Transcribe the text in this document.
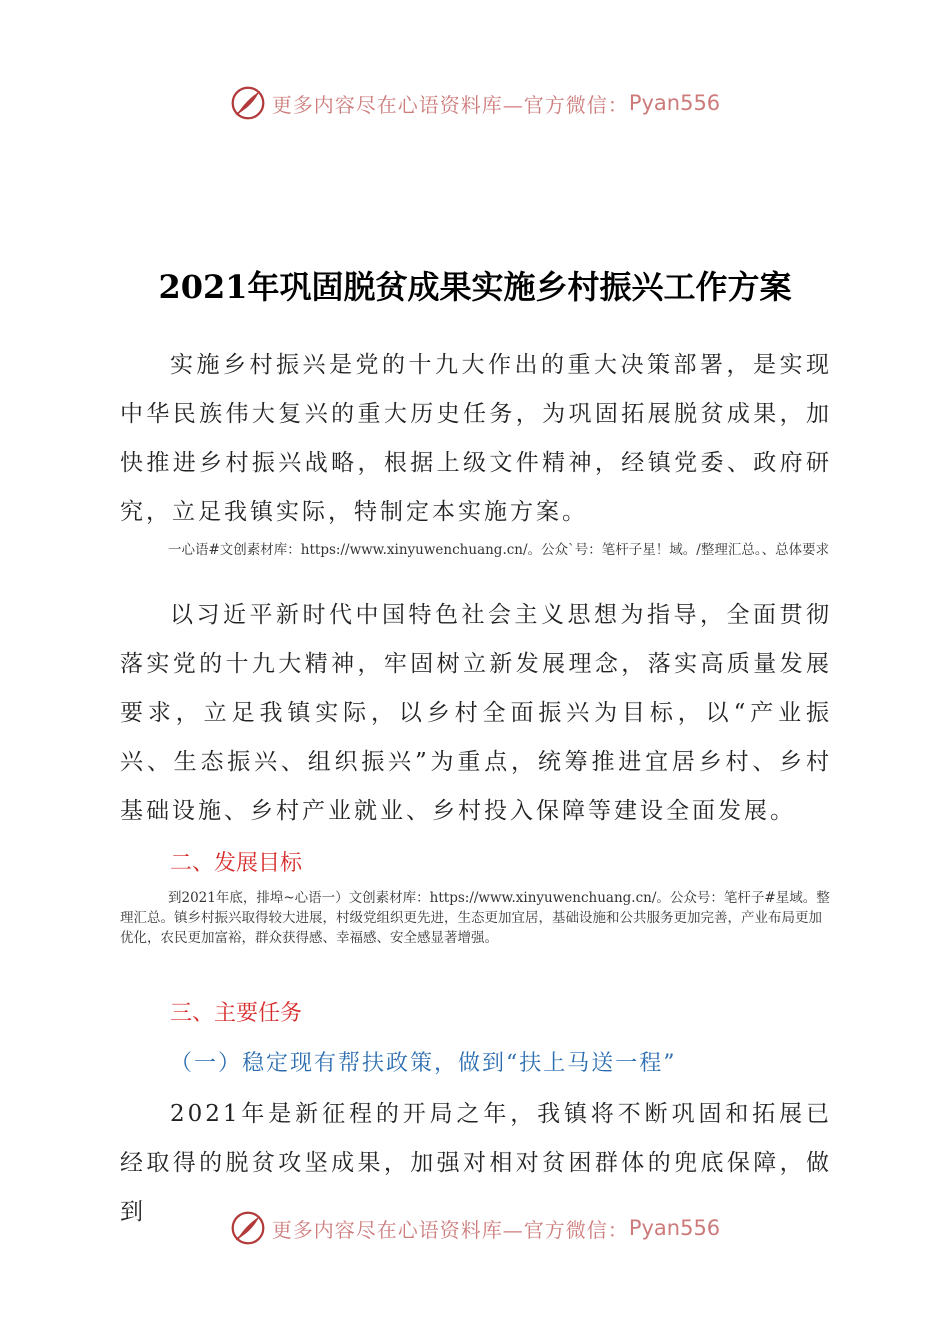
更多内容尽在心语资料库—官方微信： Pyan556
2021年巩固脱贫成果实施乡村振兴工作方案

实施乡村振兴是党的十九大作出的重大决策部署，是实现中华民族伟大复兴的重大历史任务，为巩固拓展脱贫成果，加快推进乡村振兴战略，根据上级文件精神，经镇党委、政府研究，立足我镇实际，特制定本实施方案。

一心语#文创素材库：https://www.xinyuwenchuang.cn/。公众`号：笔杆子星！域。/整理汇总。、总体要求

以习近平新时代中国特色社会主义思想为指导，全面贯彻落实党的十九大精神，牢固树立新发展理念，落实高质量发展要求，立足我镇实际，以乡村全面振兴为目标，以“产业振兴、生态振兴、组织振兴”为重点，统筹推进宜居乡村、乡村基础设施、乡村产业就业、乡村投入保障等建设全面发展。

二、发展目标

到2021年底，排埠~心语一）文创素材库：https://www.xinyuwenchuang.cn/。公众号：笔杆子#星域。整理汇总。镇乡村振兴取得较大进展，村级党组织更先进，生态更加宜居，基础设施和公共服务更加完善，产业布局更加优化，农民更加富裕，群众获得感、幸福感、安全感显著增强。

三、主要任务
（一）稳定现有帮扶政策，做到“扶上马送一程”

2021年是新征程的开局之年，我镇将不断巩固和拓展已经取得的脱贫攻坚成果，加强对相对贫困群体的兜底保障，做到

更多内容尽在心语资料库—官方微信： Pyan556
